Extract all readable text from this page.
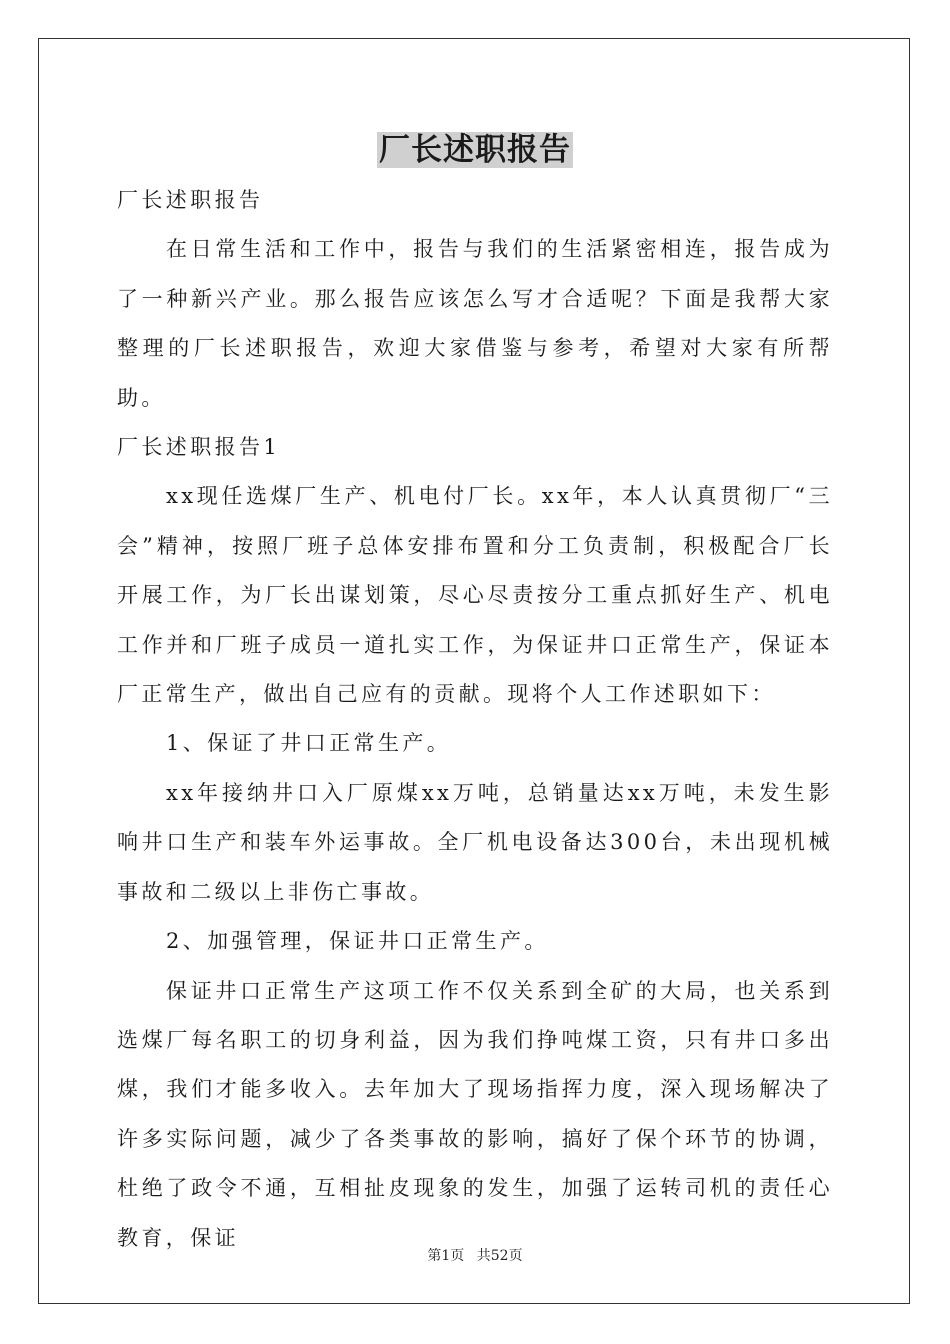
厂长述职报告

厂长述职报告

在日常生活和工作中，报告与我们的生活紧密相连，报告成为了一种新兴产业。那么报告应该怎么写才合适呢？下面是我帮大家整理的厂长述职报告，欢迎大家借鉴与参考，希望对大家有所帮助。

厂长述职报告1

xx现任选煤厂生产、机电付厂长。xx年，本人认真贯彻厂“三会”精神，按照厂班子总体安排布置和分工负责制，积极配合厂长开展工作，为厂长出谋划策，尽心尽责按分工重点抓好生产、机电工作并和厂班子成员一道扎实工作，为保证井口正常生产，保证本厂正常生产，做出自己应有的贡献。现将个人工作述职如下：

1、保证了井口正常生产。

xx年接纳井口入厂原煤xx万吨，总销量达xx万吨，未发生影响井口生产和装车外运事故。全厂机电设备达300台，未出现机械事故和二级以上非伤亡事故。

2、加强管理，保证井口正常生产。

保证井口正常生产这项工作不仅关系到全矿的大局，也关系到选煤厂每名职工的切身利益，因为我们挣吨煤工资，只有井口多出煤，我们才能多收入。去年加大了现场指挥力度，深入现场解决了许多实际问题，减少了各类事故的影响，搞好了保个环节的协调，杜绝了政令不通，互相扯皮现象的发生，加强了运转司机的责任心教育，保证

第1页 共52页
